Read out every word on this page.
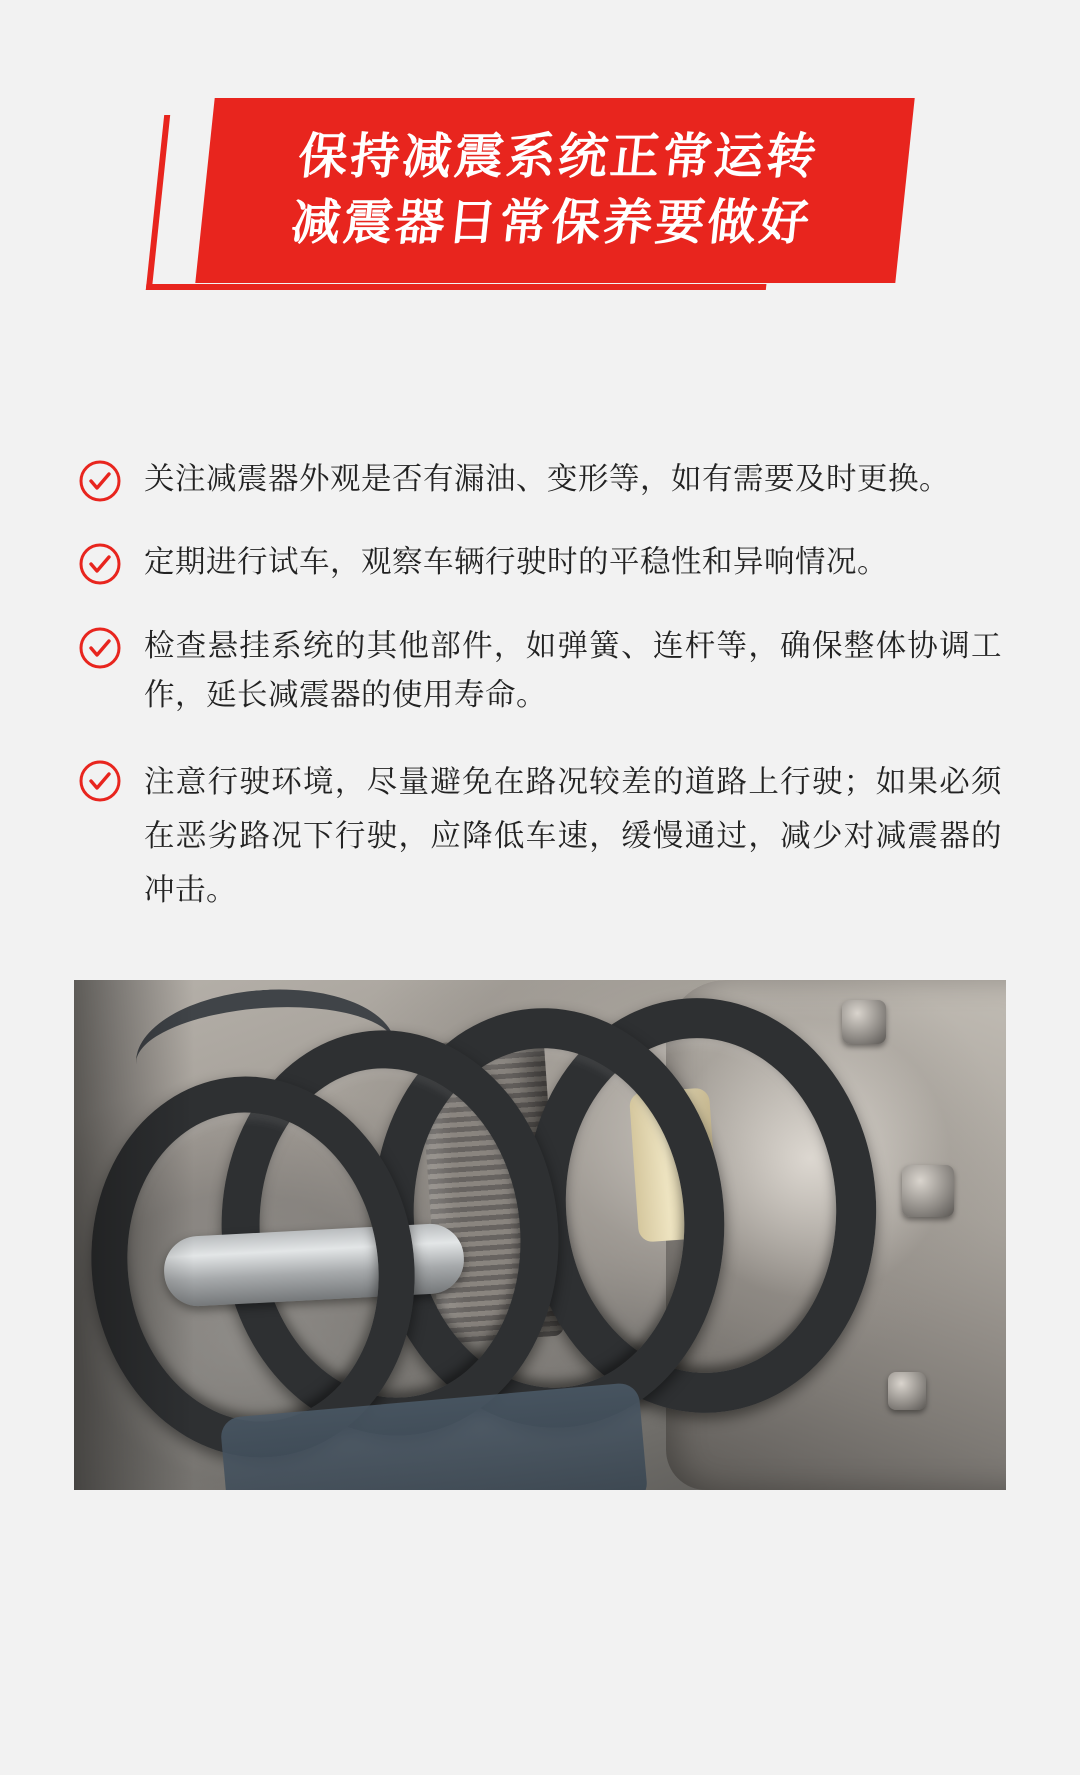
保持减震系统正常运转
减震器日常保养要做好
关注减震器外观是否有漏油、变形等，如有需要及时更换。
定期进行试车，观察车辆行驶时的平稳性和异响情况。
检查悬挂系统的其他部件，如弹簧、连杆等，确保整体协调工作，延长减震器的使用寿命。
注意行驶环境，尽量避免在路况较差的道路上行驶；如果必须在恶劣路况下行驶，应降低车速，缓慢通过，减少对减震器的冲击。
